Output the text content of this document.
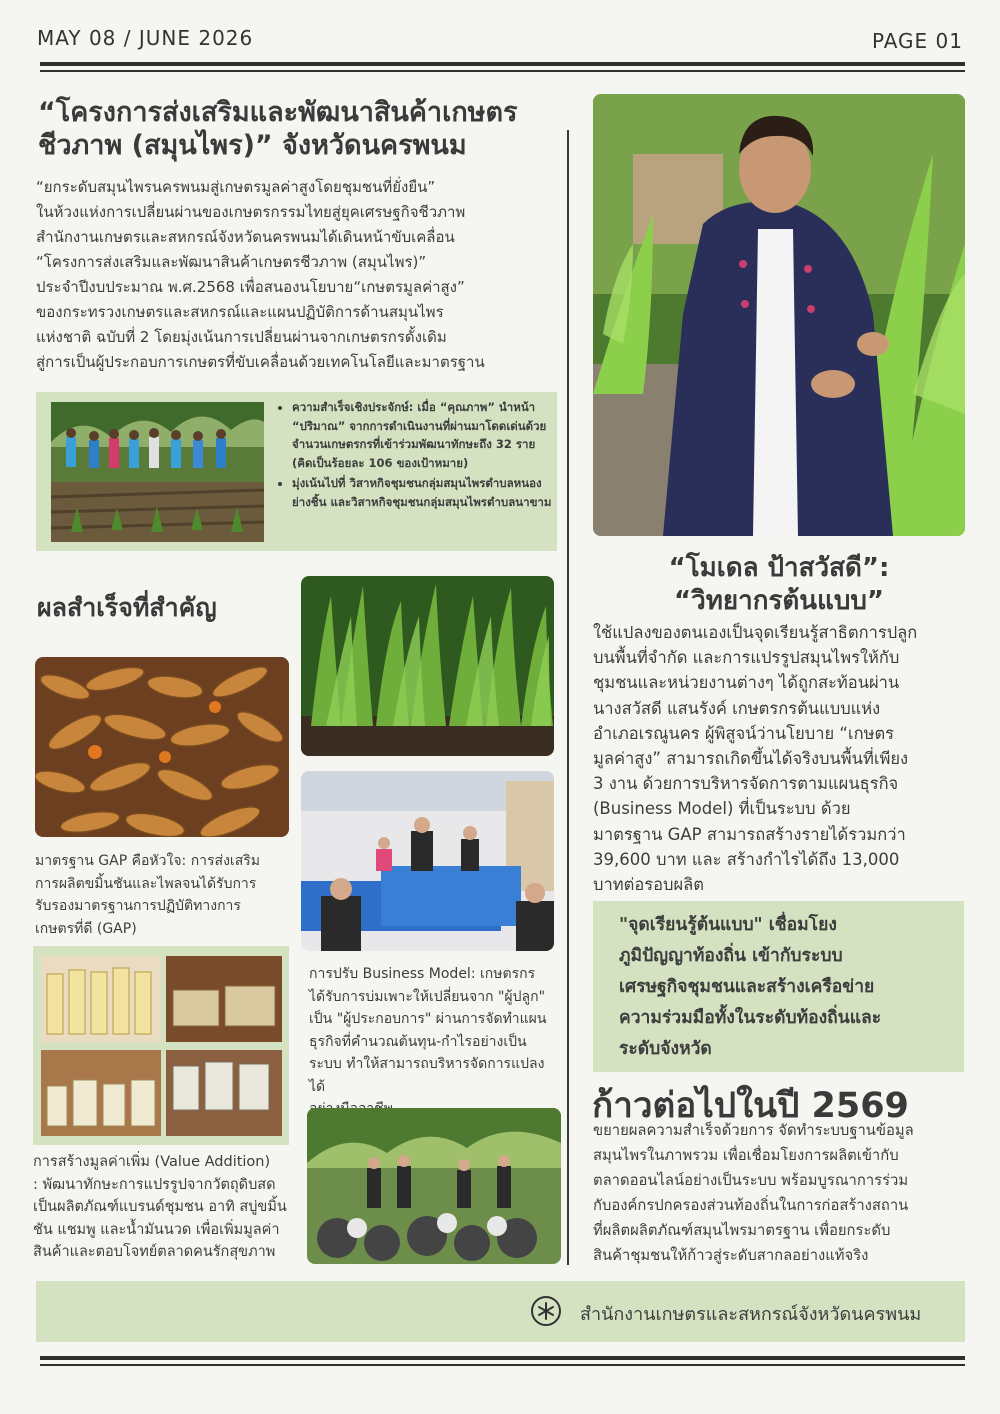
MAY 08 / JUNE 2026	PAGE 01
“โครงการส่งเสริมและพัฒนาสินค้าเกษตร
ชีวภาพ (สมุนไพร)” จังหวัดนครพนม
“ยกระดับสมุนไพรนครพนมสู่เกษตรมูลค่าสูงโดยชุมชนที่ยั่งยืน”
ในห้วงแห่งการเปลี่ยนผ่านของเกษตรกรรมไทยสู่ยุคเศรษฐกิจชีวภาพ
สำนักงานเกษตรและสหกรณ์จังหวัดนครพนมได้เดินหน้าขับเคลื่อน
“โครงการส่งเสริมและพัฒนาสินค้าเกษตรชีวภาพ (สมุนไพร)”
ประจำปีงบประมาณ พ.ศ.2568 เพื่อสนองนโยบาย“เกษตรมูลค่าสูง”
ของกระทรวงเกษตรและสหกรณ์และแผนปฏิบัติการด้านสมุนไพร
แห่งชาติ ฉบับที่ 2 โดยมุ่งเน้นการเปลี่ยนผ่านจากเกษตรกรดั้งเดิม
สู่การเป็นผู้ประกอบการเกษตรที่ขับเคลื่อนด้วยเทคโนโลยีและมาตรฐาน
• ความสำเร็จเชิงประจักษ์: เมื่อ “คุณภาพ” นำหน้า “ปริมาณ” จากการดำเนินงานที่ผ่านมาโดดเด่นด้วยจำนวนเกษตรกรที่เข้าร่วมพัฒนาทักษะถึง 32 ราย (คิดเป็นร้อยละ 106 ของเป้าหมาย)
• มุ่งเน้นไปที่ วิสาหกิจชุมชนกลุ่มสมุนไพรตำบลหนองย่างชิ้น และวิสาหกิจชุมชนกลุ่มสมุนไพรตำบลนาขาม
ผลสำเร็จที่สำคัญ
มาตรฐาน GAP คือหัวใจ: การส่งเสริม
การผลิตขมิ้นชันและไพลจนได้รับการ
รับรองมาตรฐานการปฏิบัติทางการ
เกษตรที่ดี (GAP)
การสร้างมูลค่าเพิ่ม (Value Addition)
: พัฒนาทักษะการแปรรูปจากวัตถุดิบสด
เป็นผลิตภัณฑ์แบรนด์ชุมชน อาทิ สบู่ขมิ้น
ชัน แชมพู และน้ำมันนวด เพื่อเพิ่มมูลค่า
สินค้าและตอบโจทย์ตลาดคนรักสุขภาพ
การปรับ Business Model: เกษตรกร
ได้รับการบ่มเพาะให้เปลี่ยนจาก "ผู้ปลูก"
เป็น "ผู้ประกอบการ" ผ่านการจัดทำแผน
ธุรกิจที่คำนวณต้นทุน-กำไรอย่างเป็น
ระบบ ทำให้สามารถบริหารจัดการแปลงได้
“โมเดล ป้าสวัสดี”:
“วิทยากรต้นแบบ”
ใช้แปลงของตนเองเป็นจุดเรียนรู้สาธิตการปลูก
บนพื้นที่จำกัด และการแปรรูปสมุนไพรให้กับ
ชุมชนและหน่วยงานต่างๆ ได้ถูกสะท้อนผ่าน
นางสวัสดี แสนรังค์ เกษตรกรต้นแบบแห่ง
อำเภอเรณูนคร ผู้พิสูจน์ว่านโยบาย “เกษตร
มูลค่าสูง” สามารถเกิดขึ้นได้จริงบนพื้นที่เพียง
3 งาน ด้วยการบริหารจัดการตามแผนธุรกิจ
(Business Model) ที่เป็นระบบ ด้วย
มาตรฐาน GAP สามารถสร้างรายได้รวมกว่า
39,600 บาท และ สร้างกำไรได้ถึง 13,000
บาทต่อรอบผลิต
"จุดเรียนรู้ต้นแบบ" เชื่อมโยง
ภูมิปัญญาท้องถิ่น เข้ากับระบบ
เศรษฐกิจชุมชนและสร้างเครือข่าย
ความร่วมมือทั้งในระดับท้องถิ่นและ
ระดับจังหวัด
ก้าวต่อไปในปี 2569
ขยายผลความสำเร็จด้วยการ จัดทำระบบฐานข้อมูล
สมุนไพรในภาพรวม เพื่อเชื่อมโยงการผลิตเข้ากับ
ตลาดออนไลน์อย่างเป็นระบบ พร้อมบูรณาการร่วม
กับองค์กรปกครองส่วนท้องถิ่นในการก่อสร้างสถาน
ที่ผลิตผลิตภัณฑ์สมุนไพรมาตรฐาน เพื่อยกระดับ
สินค้าชุมชนให้ก้าวสู่ระดับสากลอย่างแท้จริง
สำนักงานเกษตรและสหกรณ์จังหวัดนครพนม
